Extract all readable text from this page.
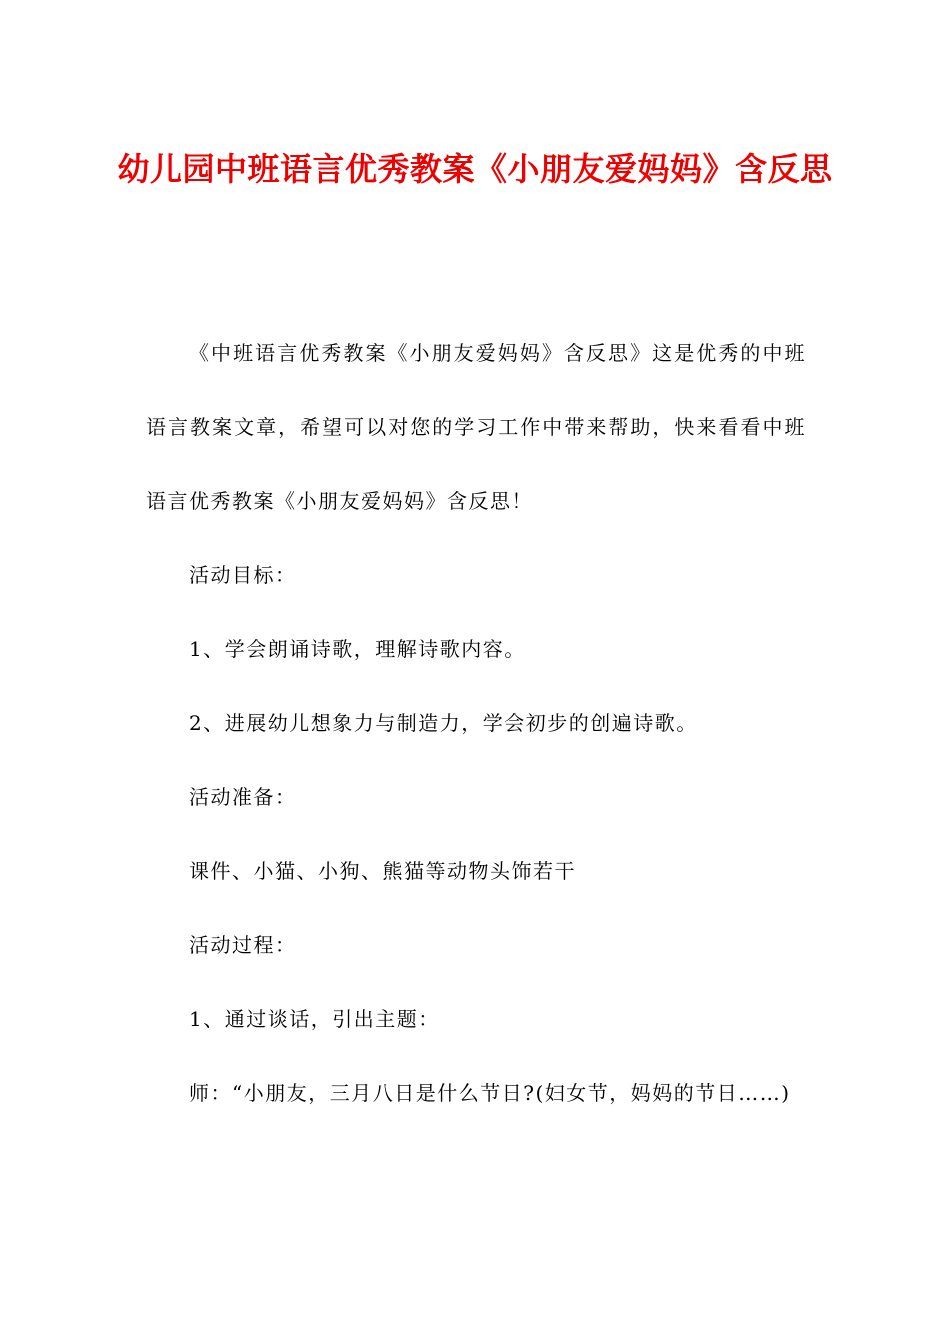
幼儿园中班语言优秀教案《小朋友爱妈妈》含反思

《中班语言优秀教案《小朋友爱妈妈》含反思》这是优秀的中班语言教案文章，希望可以对您的学习工作中带来帮助，快来看看中班语言优秀教案《小朋友爱妈妈》含反思！

活动目标：

1、学会朗诵诗歌，理解诗歌内容。

2、进展幼儿想象力与制造力，学会初步的创遍诗歌。

活动准备：

课件、小猫、小狗、熊猫等动物头饰若干

活动过程：

1、通过谈话，引出主题：

师：“小朋友，三月八日是什么节日?(妇女节，妈妈的节日……)
